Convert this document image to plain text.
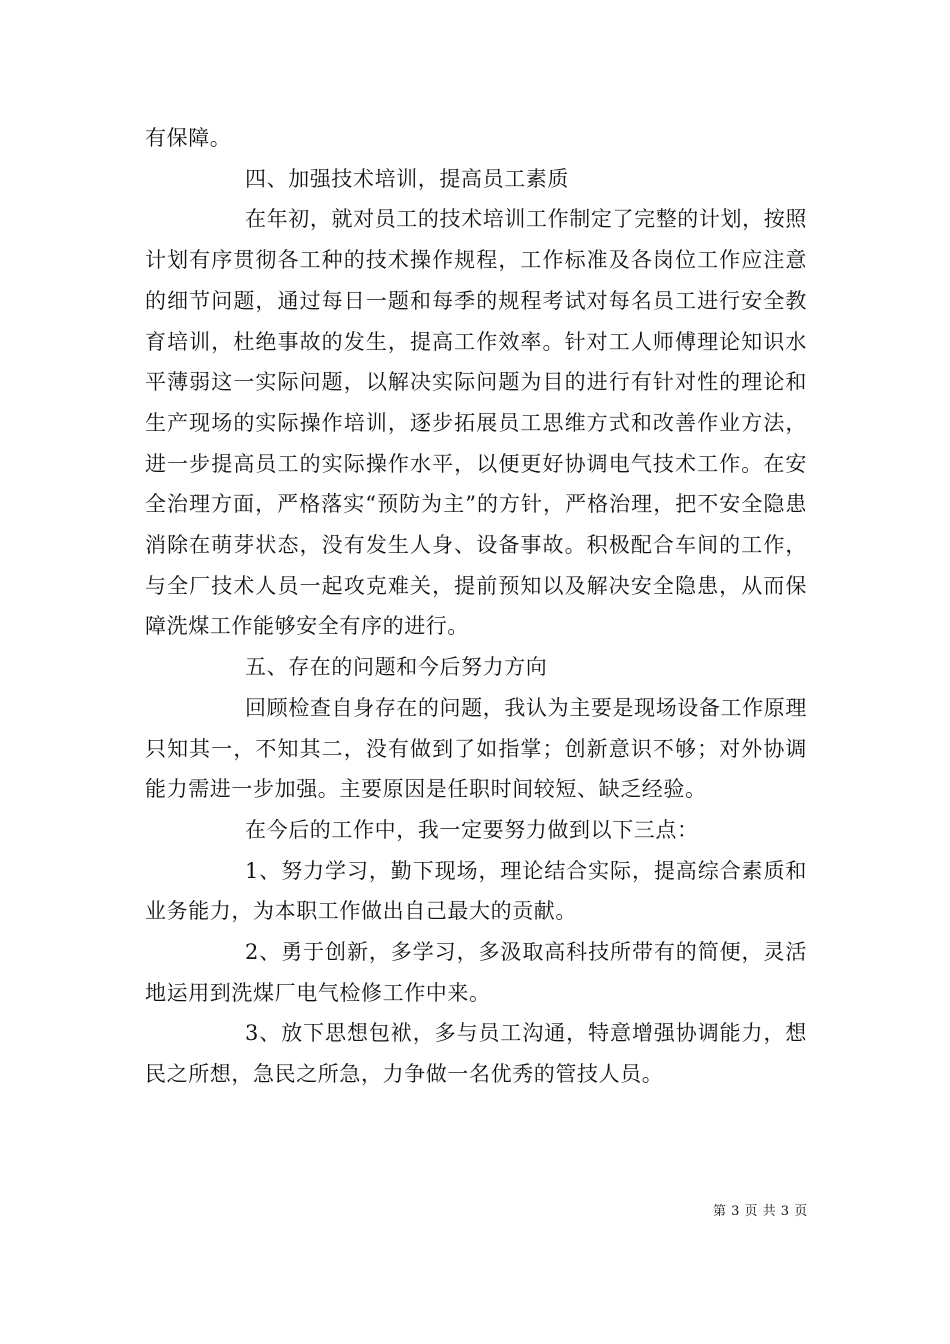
有保障。

四、加强技术培训，提高员工素质

在年初，就对员工的技术培训工作制定了完整的计划，按照计划有序贯彻各工种的技术操作规程，工作标准及各岗位工作应注意的细节问题，通过每日一题和每季的规程考试对每名员工进行安全教育培训，杜绝事故的发生，提高工作效率。针对工人师傅理论知识水平薄弱这一实际问题，以解决实际问题为目的进行有针对性的理论和生产现场的实际操作培训，逐步拓展员工思维方式和改善作业方法，进一步提高员工的实际操作水平，以便更好协调电气技术工作。在安全治理方面，严格落实“预防为主”的方针，严格治理，把不安全隐患消除在萌芽状态，没有发生人身、设备事故。积极配合车间的工作，与全厂技术人员一起攻克难关，提前预知以及解决安全隐患，从而保障洗煤工作能够安全有序的进行。

五、存在的问题和今后努力方向

回顾检查自身存在的问题，我认为主要是现场设备工作原理只知其一，不知其二，没有做到了如指掌；创新意识不够；对外协调能力需进一步加强。主要原因是任职时间较短、缺乏经验。

在今后的工作中，我一定要努力做到以下三点：

1、努力学习，勤下现场，理论结合实际，提高综合素质和业务能力，为本职工作做出自己最大的贡献。

2、勇于创新，多学习，多汲取高科技所带有的简便，灵活地运用到洗煤厂电气检修工作中来。

3、放下思想包袱，多与员工沟通，特意增强协调能力，想民之所想，急民之所急，力争做一名优秀的管技人员。

第 3 页 共 3 页
